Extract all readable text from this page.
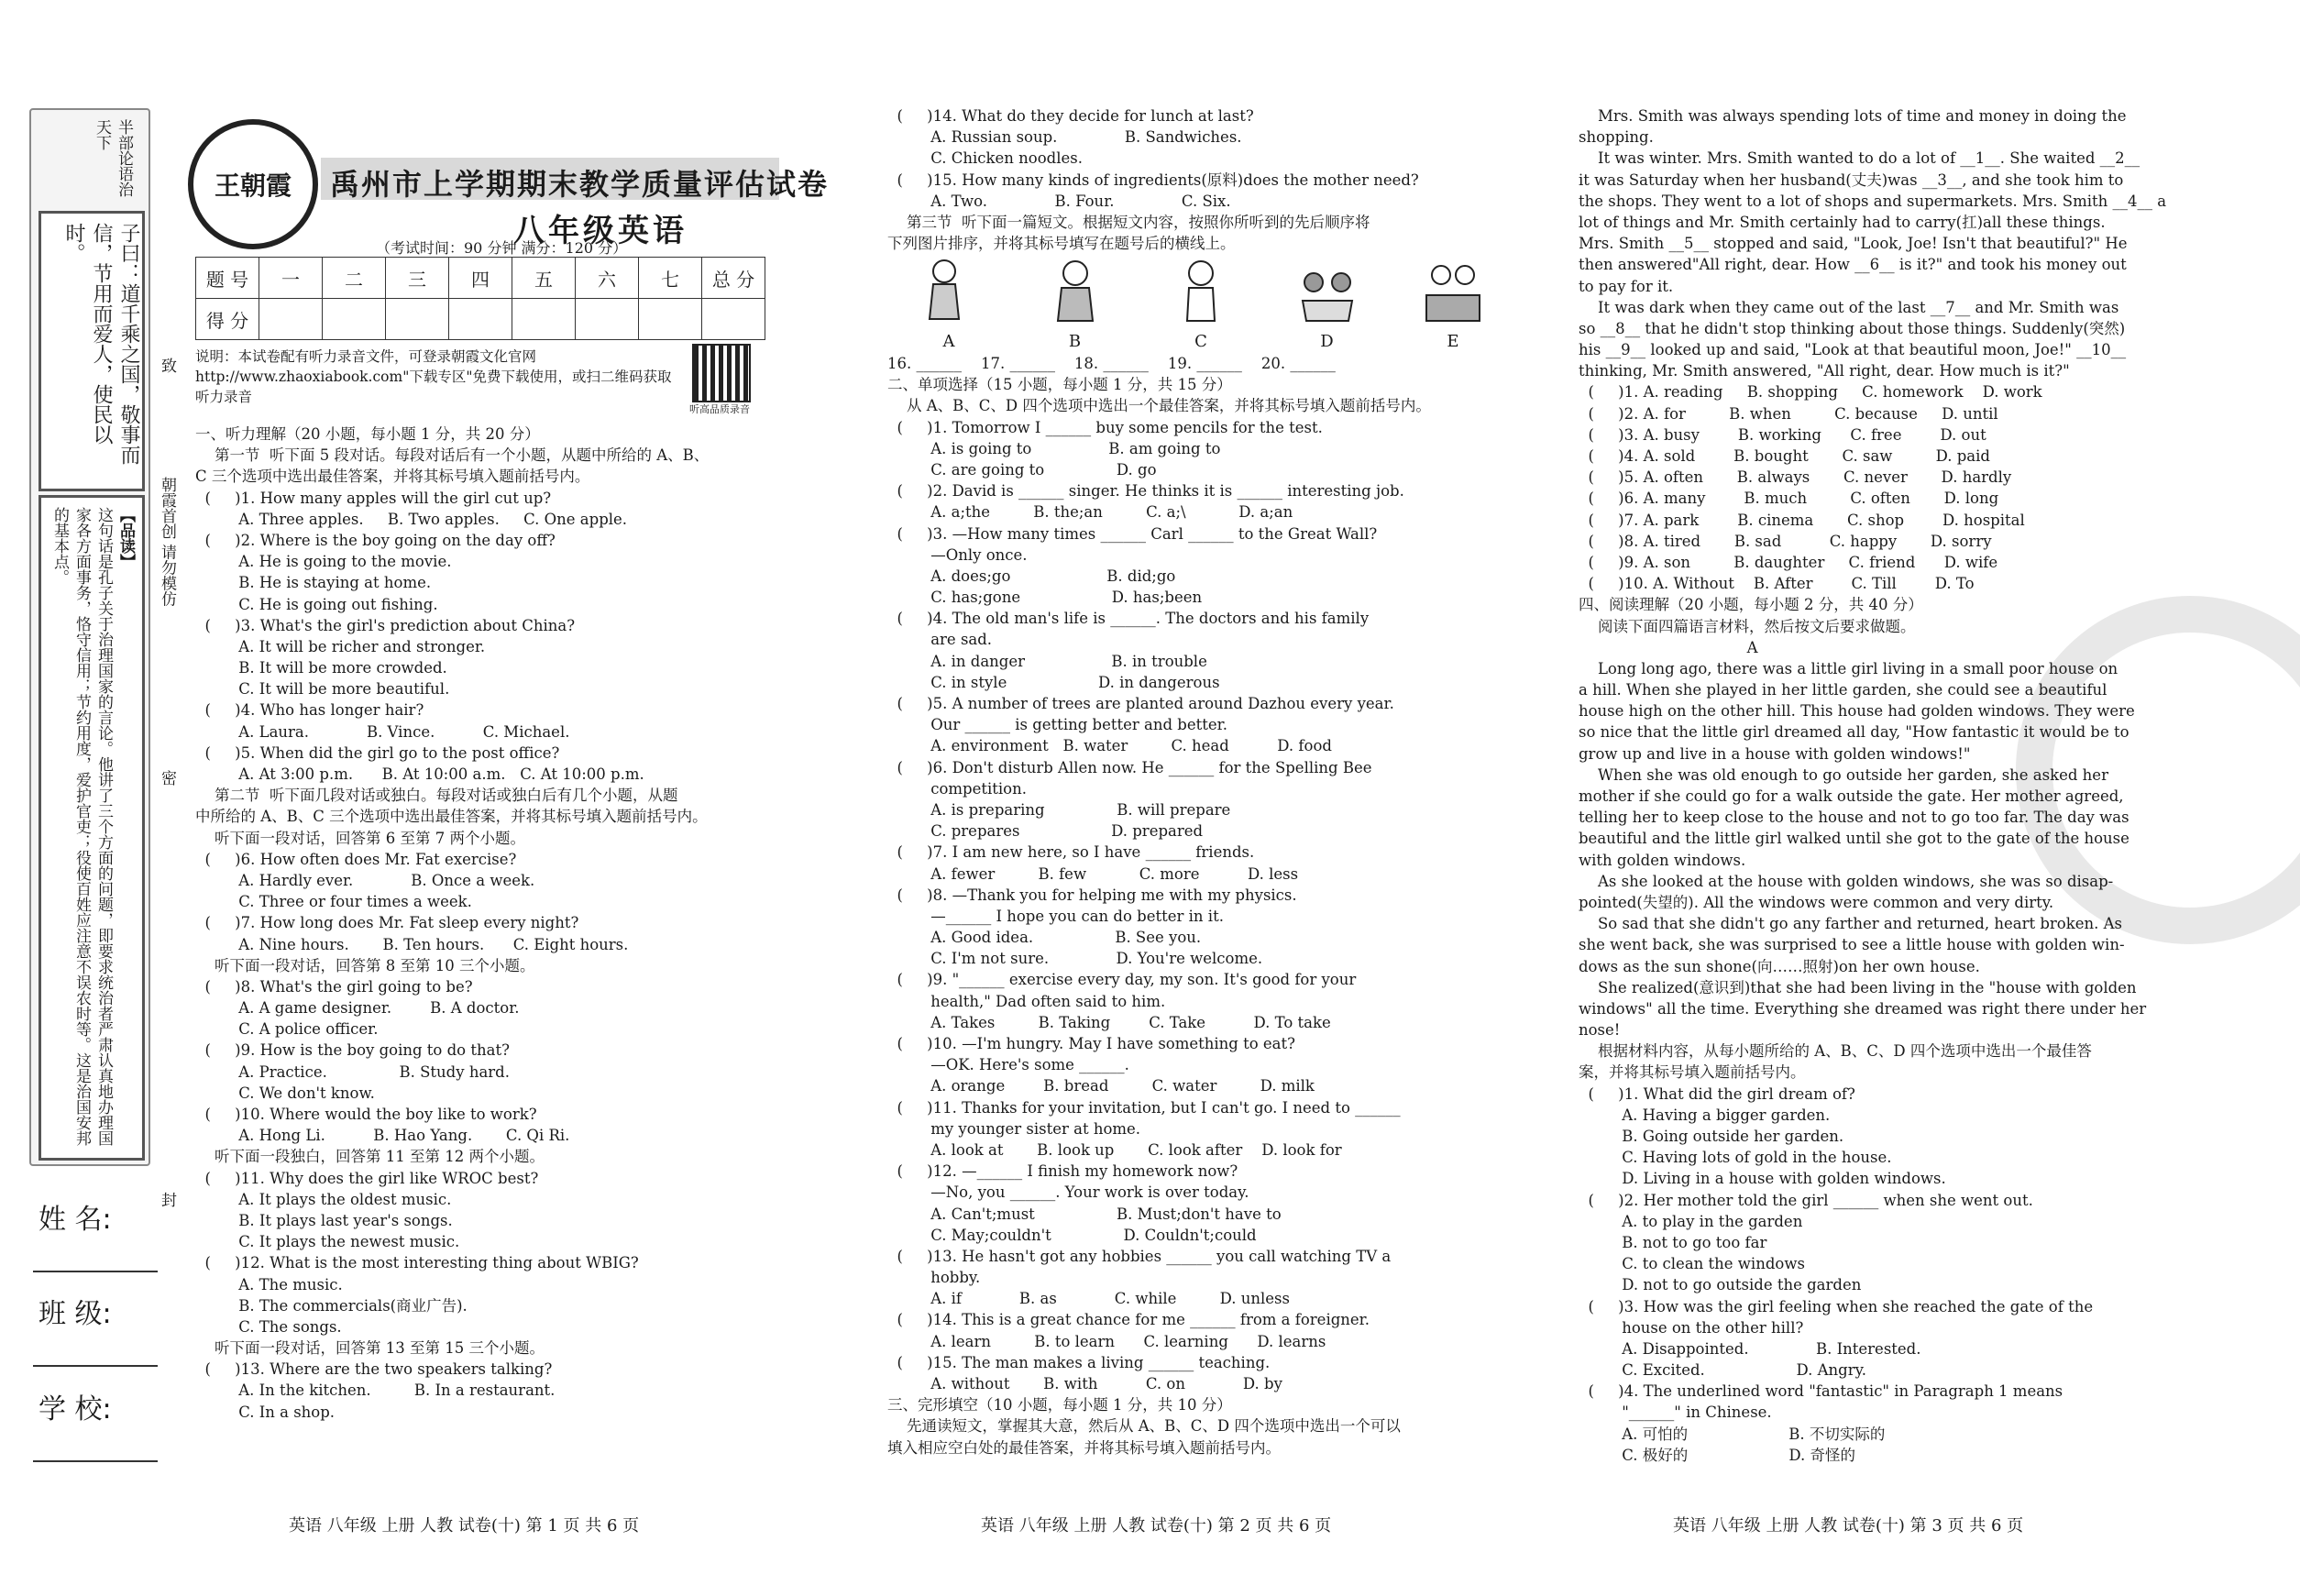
半部论语治天下
子曰：道千乘之国，敬事而信，节用而爱人，使民以时。
【品读】
这句话是孔子关于治理国家的言论。他讲了三个方面的问题，即要求统治者严肃认真地办理国家各方面事务，恪守信用；节约用度，爱护官吏；役使百姓应注意不误农时等。这是治国安邦的基本点。
致
朝霞首创 请勿模仿
密
封
姓 名:
班 级:
学 校:
王朝霞 禹州市上学期期末教学质量评估试卷
八年级英语
（考试时间：90 分钟 满分：120 分）
题 号	一	二	三	四	五	六	七	总 分
得 分								
说明：本试卷配有听力录音文件，可登录朝霞文化官网 http://www.zhaoxiabook.com"下载专区"免费下载使用，或扫二维码获取听力录音
听高品质录音
一、听力理解（20 小题，每小题 1 分，共 20 分）
第一节  听下面 5 段对话。每段对话后有一个小题，从题中所给的 A、B、
C 三个选项中选出最佳答案，并将其标号填入题前括号内。
(     )1. How many apples will the girl cut up?
A. Three apples.     B. Two apples.     C. One apple.
(     )2. Where is the boy going on the day off?
A. He is going to the movie.
B. He is staying at home.
C. He is going out fishing.
(     )3. What's the girl's prediction about China?
A. It will be richer and stronger.
B. It will be more crowded.
C. It will be more beautiful.
(     )4. Who has longer hair?
A. Laura.            B. Vince.          C. Michael.
(     )5. When did the girl go to the post office?
A. At 3:00 p.m.      B. At 10:00 a.m.   C. At 10:00 p.m.
第二节  听下面几段对话或独白。每段对话或独白后有几个小题，从题
中所给的 A、B、C 三个选项中选出最佳答案，并将其标号填入题前括号内。
听下面一段对话，回答第 6 至第 7 两个小题。
(     )6. How often does Mr. Fat exercise?
A. Hardly ever.            B. Once a week.
C. Three or four times a week.
(     )7. How long does Mr. Fat sleep every night?
A. Nine hours.       B. Ten hours.      C. Eight hours.
听下面一段对话，回答第 8 至第 10 三个小题。
(     )8. What's the girl going to be?
A. A game designer.        B. A doctor.
C. A police officer.
(     )9. How is the boy going to do that?
A. Practice.               B. Study hard.
C. We don't know.
(     )10. Where would the boy like to work?
A. Hong Li.          B. Hao Yang.       C. Qi Ri.
听下面一段独白，回答第 11 至第 12 两个小题。
(     )11. Why does the girl like WROC best?
A. It plays the oldest music.
B. It plays last year's songs.
C. It plays the newest music.
(     )12. What is the most interesting thing about WBIG?
A. The music.
B. The commercials(商业广告).
C. The songs.
听下面一段对话，回答第 13 至第 15 三个小题。
(     )13. Where are the two speakers talking?
A. In the kitchen.         B. In a restaurant.
C. In a shop.
(     )14. What do they decide for lunch at last?
A. Russian soup.              B. Sandwiches.
C. Chicken noodles.
(     )15. How many kinds of ingredients(原料)does the mother need?
A. Two.              B. Four.              C. Six.
第三节  听下面一篇短文。根据短文内容，按照你所听到的先后顺序将
下列图片排序，并将其标号填写在题号后的横线上。
A	B	C	D	E
16. ______    17. ______    18. ______    19. ______    20. ______
二、单项选择（15 小题，每小题 1 分，共 15 分）
从 A、B、C、D 四个选项中选出一个最佳答案，并将其标号填入题前括号内。
(     )1. Tomorrow I ______ buy some pencils for the test.
A. is going to                B. am going to
C. are going to               D. go
(     )2. David is ______ singer. He thinks it is ______ interesting job.
A. a;the         B. the;an         C. a;\           D. a;an
(     )3. —How many times ______ Carl ______ to the Great Wall?
—Only once.
A. does;go                    B. did;go
C. has;gone                   D. has;been
(     )4. The old man's life is ______. The doctors and his family
are sad.
A. in danger                  B. in trouble
C. in style                   D. in dangerous
(     )5. A number of trees are planted around Dazhou every year.
Our ______ is getting better and better.
A. environment   B. water         C. head          D. food
(     )6. Don't disturb Allen now. He ______ for the Spelling Bee
competition.
A. is preparing               B. will prepare
C. prepares                   D. prepared
(     )7. I am new here, so I have ______ friends.
A. fewer         B. few           C. more          D. less
(     )8. —Thank you for helping me with my physics.
—______ I hope you can do better in it.
A. Good idea.                 B. See you.
C. I'm not sure.              D. You're welcome.
(     )9. "______ exercise every day, my son. It's good for your
health," Dad often said to him.
A. Takes         B. Taking        C. Take          D. To take
(     )10. —I'm hungry. May I have something to eat?
—OK. Here's some ______.
A. orange        B. bread         C. water         D. milk
(     )11. Thanks for your invitation, but I can't go. I need to ______
my younger sister at home.
A. look at       B. look up       C. look after    D. look for
(     )12. —______ I finish my homework now?
—No, you ______. Your work is over today.
A. Can't;must                 B. Must;don't have to
C. May;couldn't               D. Couldn't;could
(     )13. He hasn't got any hobbies ______ you call watching TV a
hobby.
A. if            B. as            C. while         D. unless
(     )14. This is a great chance for me ______ from a foreigner.
A. learn         B. to learn      C. learning      D. learns
(     )15. The man makes a living ______ teaching.
A. without       B. with          C. on            D. by
三、完形填空（10 小题，每小题 1 分，共 10 分）
先通读短文，掌握其大意，然后从 A、B、C、D 四个选项中选出一个可以
填入相应空白处的最佳答案，并将其标号填入题前括号内。
Mrs. Smith was always spending lots of time and money in doing the
shopping.
It was winter. Mrs. Smith wanted to do a lot of __1__. She waited __2__
it was Saturday when her husband(丈夫)was __3__, and she took him to
the shops. They went to a lot of shops and supermarkets. Mrs. Smith __4__ a
lot of things and Mr. Smith certainly had to carry(扛)all these things.
Mrs. Smith __5__ stopped and said, "Look, Joe! Isn't that beautiful?" He
then answered"All right, dear. How __6__ is it?" and took his money out
to pay for it.
It was dark when they came out of the last __7__ and Mr. Smith was
so __8__ that he didn't stop thinking about those things. Suddenly(突然)
his __9__ looked up and said, "Look at that beautiful moon, Joe!" __10__
thinking, Mr. Smith answered, "All right, dear. How much is it?"
(     )1. A. reading     B. shopping     C. homework    D. work
(     )2. A. for         B. when         C. because     D. until
(     )3. A. busy        B. working      C. free        D. out
(     )4. A. sold        B. bought       C. saw         D. paid
(     )5. A. often       B. always       C. never       D. hardly
(     )6. A. many        B. much         C. often       D. long
(     )7. A. park        B. cinema       C. shop        D. hospital
(     )8. A. tired       B. sad          C. happy       D. sorry
(     )9. A. son         B. daughter     C. friend      D. wife
(     )10. A. Without    B. After        C. Till        D. To
四、阅读理解（20 小题，每小题 2 分，共 40 分）
阅读下面四篇语言材料，然后按文后要求做题。
A
Long long ago, there was a little girl living in a small poor house on
a hill. When she played in her little garden, she could see a beautiful
house high on the other hill. This house had golden windows. They were
so nice that the little girl dreamed all day, "How fantastic it would be to
grow up and live in a house with golden windows!"
When she was old enough to go outside her garden, she asked her
mother if she could go for a walk outside the gate. Her mother agreed,
telling her to keep close to the house and not to go too far. The day was
beautiful and the little girl walked until she got to the gate of the house
with golden windows.
As she looked at the house with golden windows, she was so disap-
pointed(失望的). All the windows were common and very dirty.
So sad that she didn't go any farther and returned, heart broken. As
she went back, she was surprised to see a little house with golden win-
dows as the sun shone(向……照射)on her own house.
She realized(意识到)that she had been living in the "house with golden
windows" all the time. Everything she dreamed was right there under her
nose!
根据材料内容，从每小题所给的 A、B、C、D 四个选项中选出一个最佳答
案，并将其标号填入题前括号内。
(     )1. What did the girl dream of?
A. Having a bigger garden.
B. Going outside her garden.
C. Having lots of gold in the house.
D. Living in a house with golden windows.
(     )2. Her mother told the girl ______ when she went out.
A. to play in the garden
B. not to go too far
C. to clean the windows
D. not to go outside the garden
(     )3. How was the girl feeling when she reached the gate of the
house on the other hill?
A. Disappointed.              B. Interested.
C. Excited.                   D. Angry.
(     )4. The underlined word "fantastic" in Paragraph 1 means
"______" in Chinese.
A. 可怕的                     B. 不切实际的
C. 极好的                     D. 奇怪的
英语 八年级 上册 人教 试卷(十) 第 1 页 共 6 页	英语 八年级 上册 人教 试卷(十) 第 2 页 共 6 页	英语 八年级 上册 人教 试卷(十) 第 3 页 共 6 页
